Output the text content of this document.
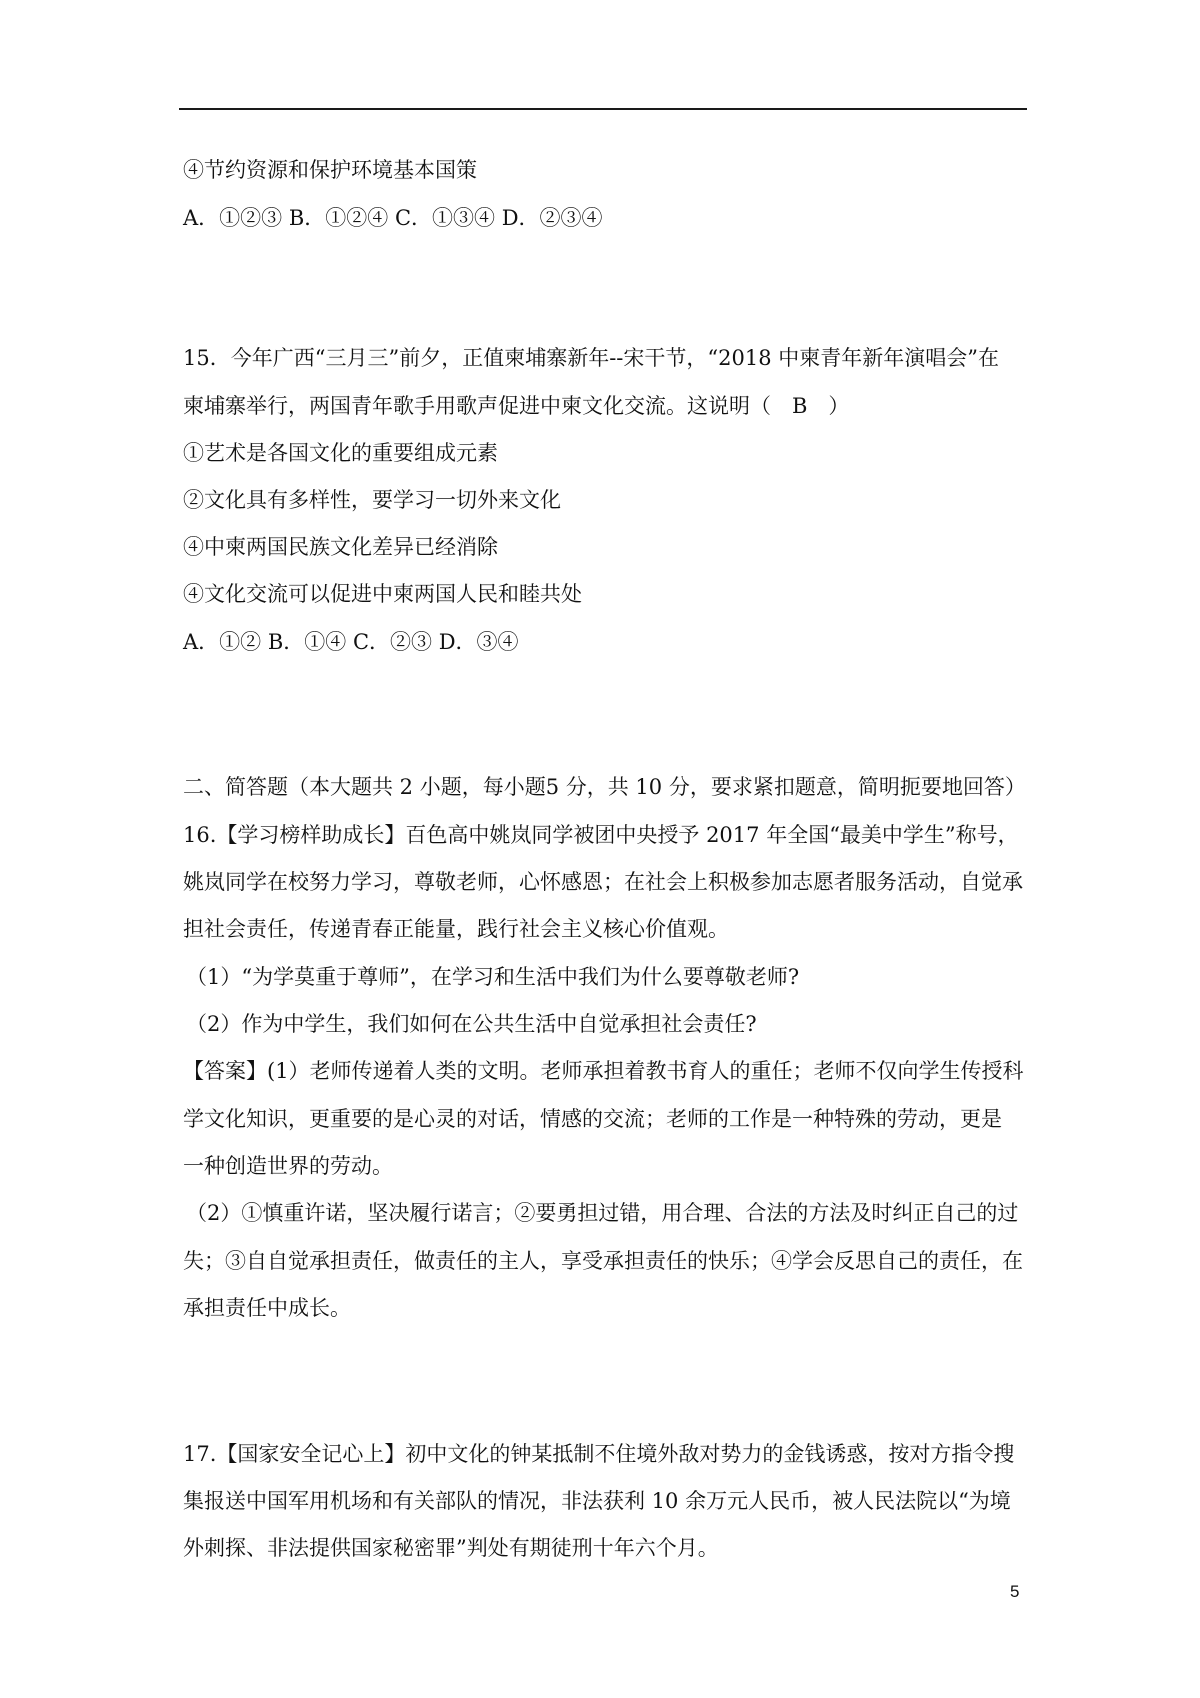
④节约资源和保护环境基本国策
A．①②③ B．①②④ C．①③④ D．②③④
15．今年广西“三月三”前夕，正值柬埔寨新年--宋干节，“2018 中柬青年新年演唱会”在
柬埔寨举行，两国青年歌手用歌声促进中柬文化交流。这说明（　B　）
①艺术是各国文化的重要组成元素
②文化具有多样性，要学习一切外来文化
④中柬两国民族文化差异已经消除
④文化交流可以促进中柬两国人民和睦共处
A．①② B．①④ C．②③ D．③④
二、简答题（本大题共 2 小题，每小题5 分，共 10 分，要求紧扣题意，简明扼要地回答）
16.【学习榜样助成长】百色高中姚岚同学被团中央授予 2017 年全国“最美中学生”称号，
姚岚同学在校努力学习，尊敬老师，心怀感恩；在社会上积极参加志愿者服务活动，自觉承
担社会责任，传递青春正能量，践行社会主义核心价值观。
（1）“为学莫重于尊师”，在学习和生活中我们为什么要尊敬老师?
（2）作为中学生，我们如何在公共生活中自觉承担社会责任?
【答案】(1）老师传递着人类的文明。老师承担着教书育人的重任；老师不仅向学生传授科
学文化知识，更重要的是心灵的对话，情感的交流；老师的工作是一种特殊的劳动，更是
一种创造世界的劳动。
（2）①慎重许诺，坚决履行诺言；②要勇担过错，用合理、合法的方法及时纠正自己的过
失；③自自觉承担责任，做责任的主人，享受承担责任的快乐；④学会反思自己的责任，在
承担责任中成长。
17.【国家安全记心上】初中文化的钟某抵制不住境外敌对势力的金钱诱惑，按对方指令搜
集报送中国军用机场和有关部队的情况，非法获利 10 余万元人民币，被人民法院以“为境
外刺探、非法提供国家秘密罪”判处有期徒刑十年六个月。
5
